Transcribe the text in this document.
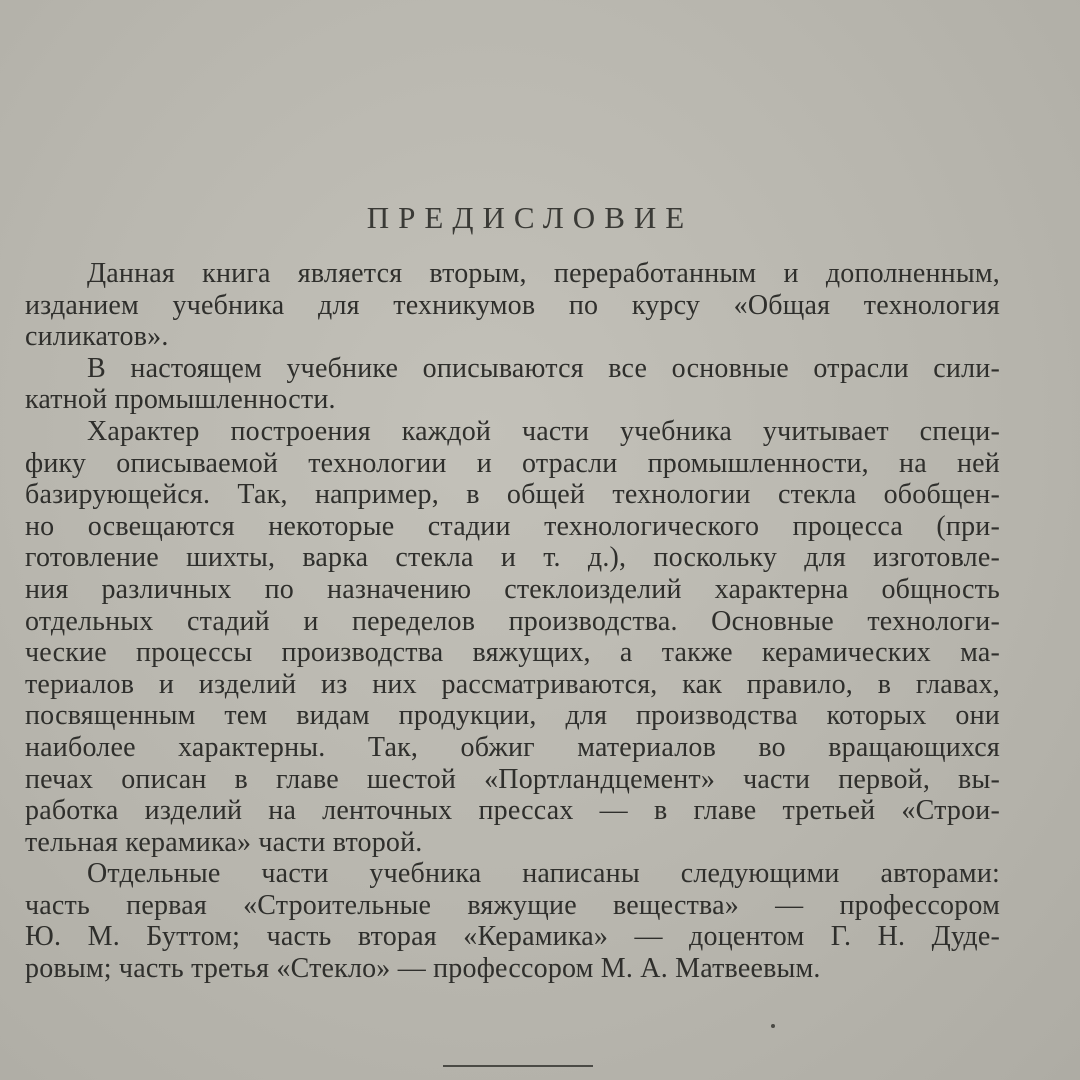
ПРЕДИСЛОВИЕ
Данная книга является вторым, переработанным и дополненным,
изданием учебника для техникумов по курсу «Общая технология
силикатов».
В настоящем учебнике описываются все основные отрасли сили-
катной промышленности.
Характер построения каждой части учебника учитывает специ-
фику описываемой технологии и отрасли промышленности, на ней
базирующейся. Так, например, в общей технологии стекла обобщен-
но освещаются некоторые стадии технологического процесса (при-
готовление шихты, варка стекла и т. д.), поскольку для изготовле-
ния различных по назначению стеклоизделий характерна общность
отдельных стадий и переделов производства. Основные технологи-
ческие процессы производства вяжущих, а также керамических ма-
териалов и изделий из них рассматриваются, как правило, в главах,
посвященным тем видам продукции, для производства которых они
наиболее характерны. Так, обжиг материалов во вращающихся
печах описан в главе шестой «Портландцемент» части первой, вы-
работка изделий на ленточных прессах — в главе третьей «Строи-
тельная керамика» части второй.
Отдельные части учебника написаны следующими авторами:
часть первая «Строительные вяжущие вещества» — профессором
Ю. М. Буттом; часть вторая «Керамика» — доцентом Г. Н. Дуде-
ровым; часть третья «Стекло» — профессором М. А. Матвеевым.
